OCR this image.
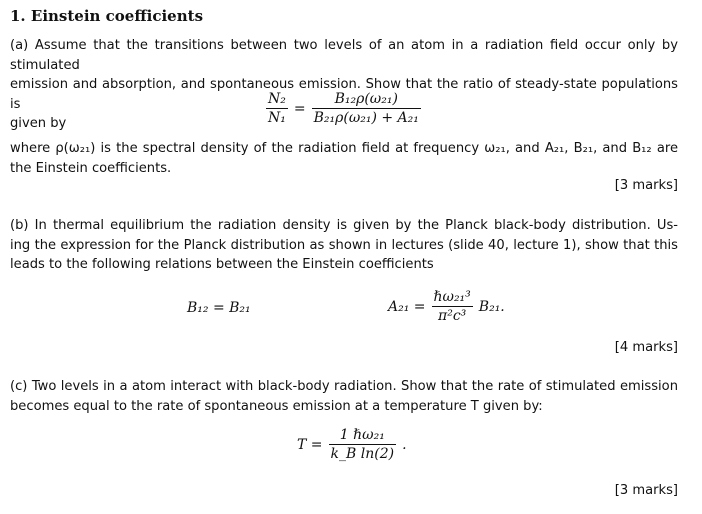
1. Einstein coefficients
(a) Assume that the transitions between two levels of an atom in a radiation field occur only by stimulated
emission and absorption, and spontaneous emission. Show that the ratio of steady-state populations is
given by	$\frac{\text{N₂}}{\text{N₁}} = \frac{\text{B₁₂ρ(ω₂₁)}}{\text{B₂₁ρ(ω₂₁) + A₂₁}}$
where ρ(ω₂₁) is the spectral density of the radiation field at frequency ω₂₁, and A₂₁, B₂₁, and B₁₂ are
the Einstein coefficients.
[3 marks]
(b) In thermal equilibrium the radiation density is given by the Planck black-body distribution. Us-
ing the expression for the Planck distribution as shown in lectures (slide 40, lecture 1), show that this
leads to the following relations between the Einstein coefficients
B₁₂ = B₂₁	$A_{21} = \frac{\text{ℏω₂₁³}}{\text{π²c³}} B_{21}$.
[4 marks]
(c) Two levels in a atom interact with black-body radiation. Show that the rate of stimulated emission
becomes equal to the rate of spontaneous emission at a temperature T given by:
$T = \frac{\text{1 ℏω₂₁}}{\text{k\_B ln(2)}}$ .
[3 marks]
